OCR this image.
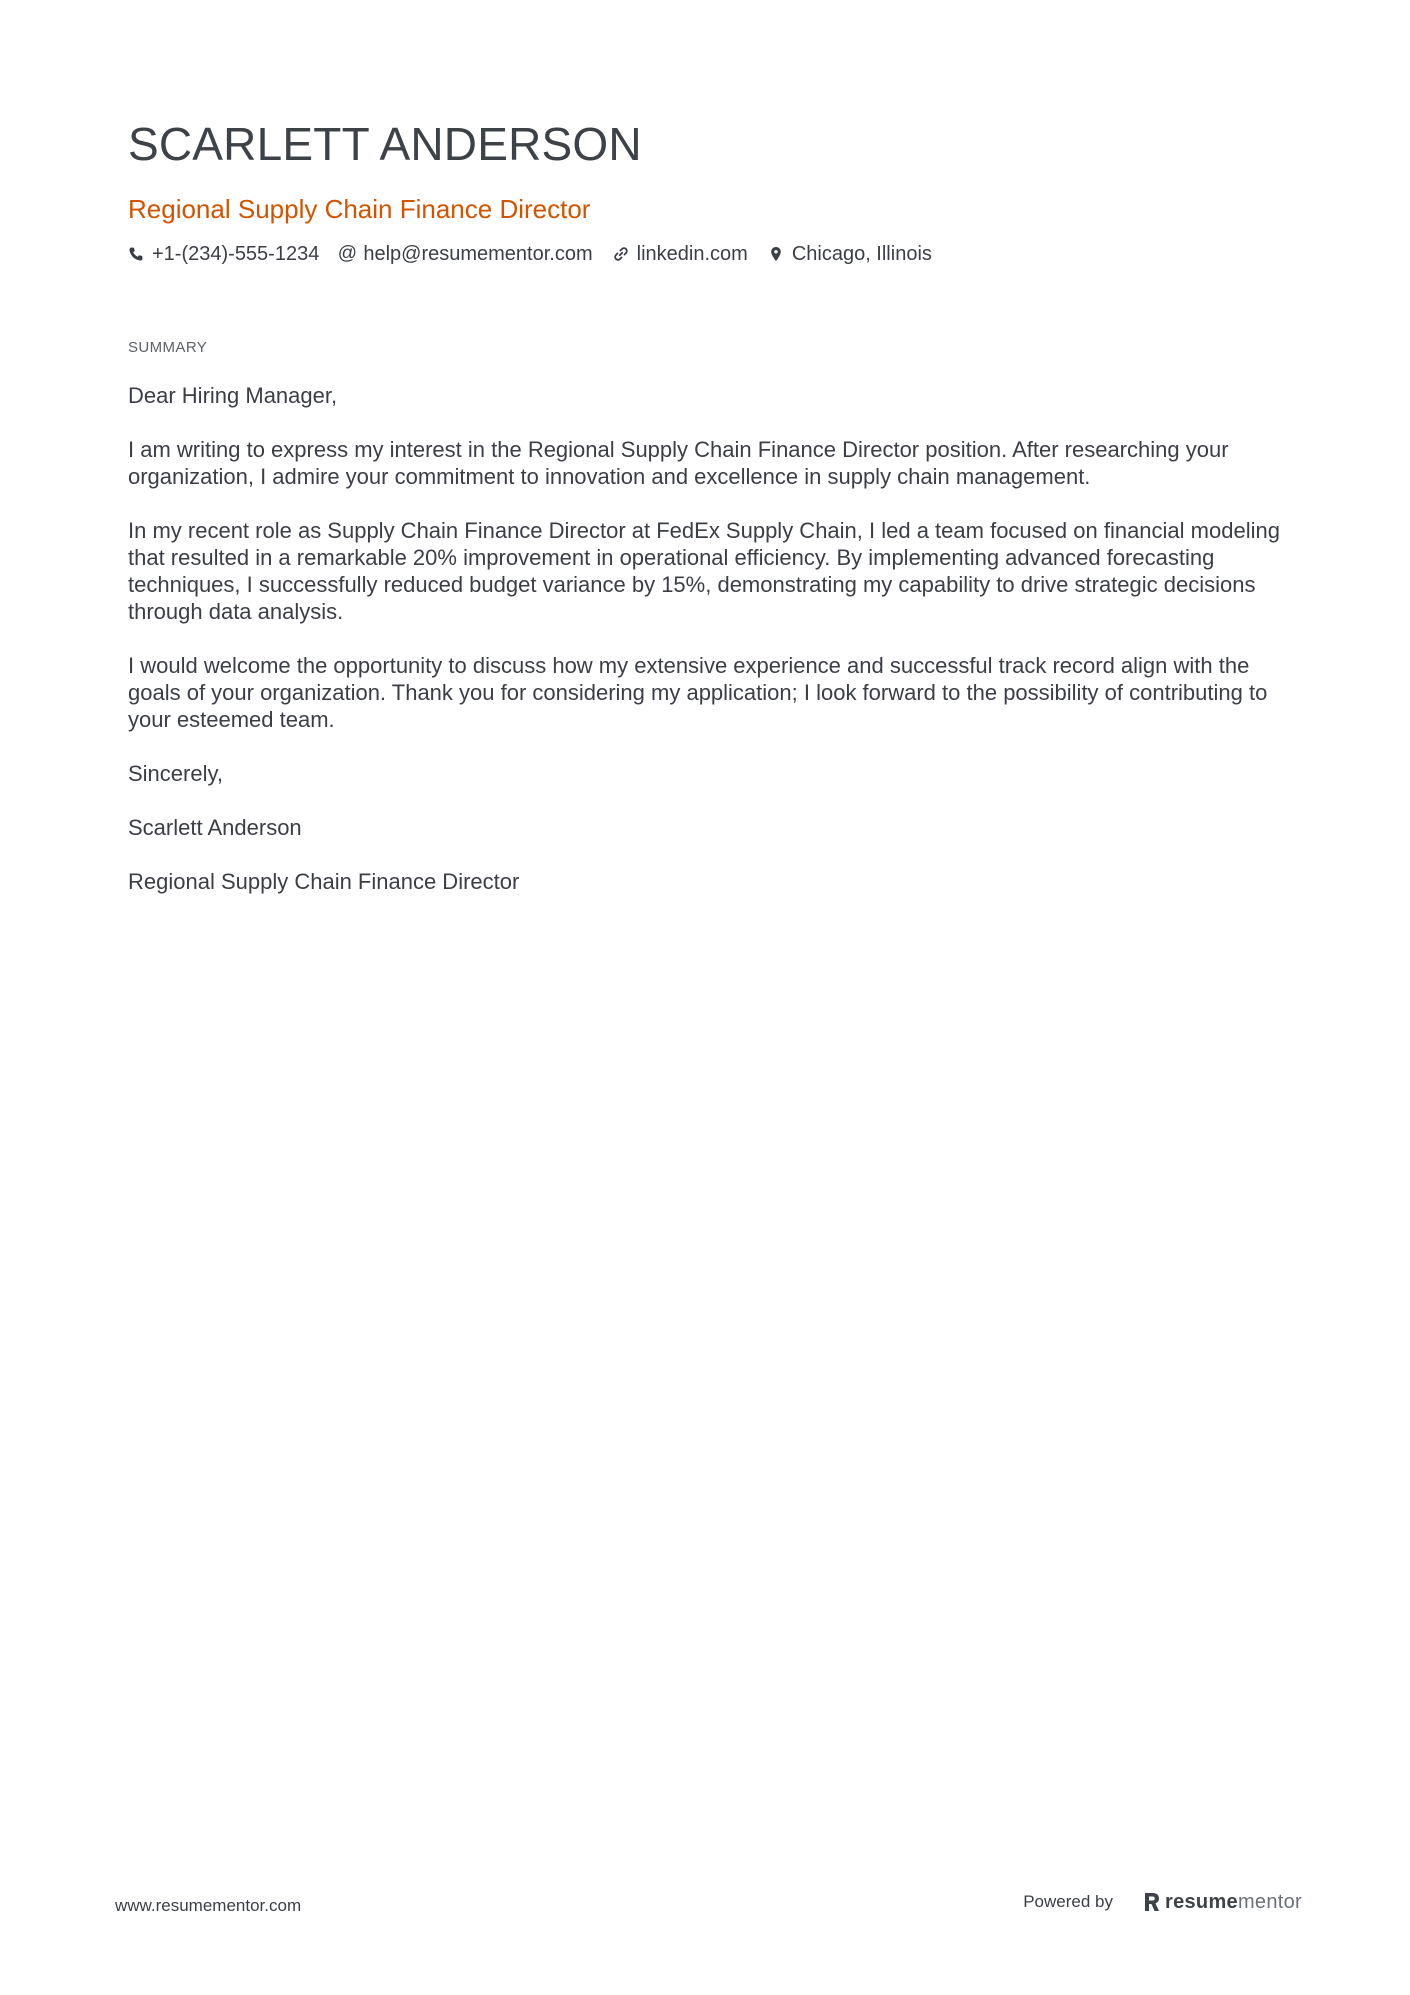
SCARLETT ANDERSON
Regional Supply Chain Finance Director
+1-(234)-555-1234 @ help@resumementor.com linkedin.com Chicago, Illinois
SUMMARY

Dear Hiring Manager,

I am writing to express my interest in the Regional Supply Chain Finance Director position. After researching your organization, I admire your commitment to innovation and excellence in supply chain management.

In my recent role as Supply Chain Finance Director at FedEx Supply Chain, I led a team focused on financial modeling that resulted in a remarkable 20% improvement in operational efficiency. By implementing advanced forecasting techniques, I successfully reduced budget variance by 15%, demonstrating my capability to drive strategic decisions through data analysis.

I would welcome the opportunity to discuss how my extensive experience and successful track record align with the goals of your organization. Thank you for considering my application; I look forward to the possibility of contributing to your esteemed team.

Sincerely,

Scarlett Anderson

Regional Supply Chain Finance Director

www.resumementor.com	Powered by	resume mentor
